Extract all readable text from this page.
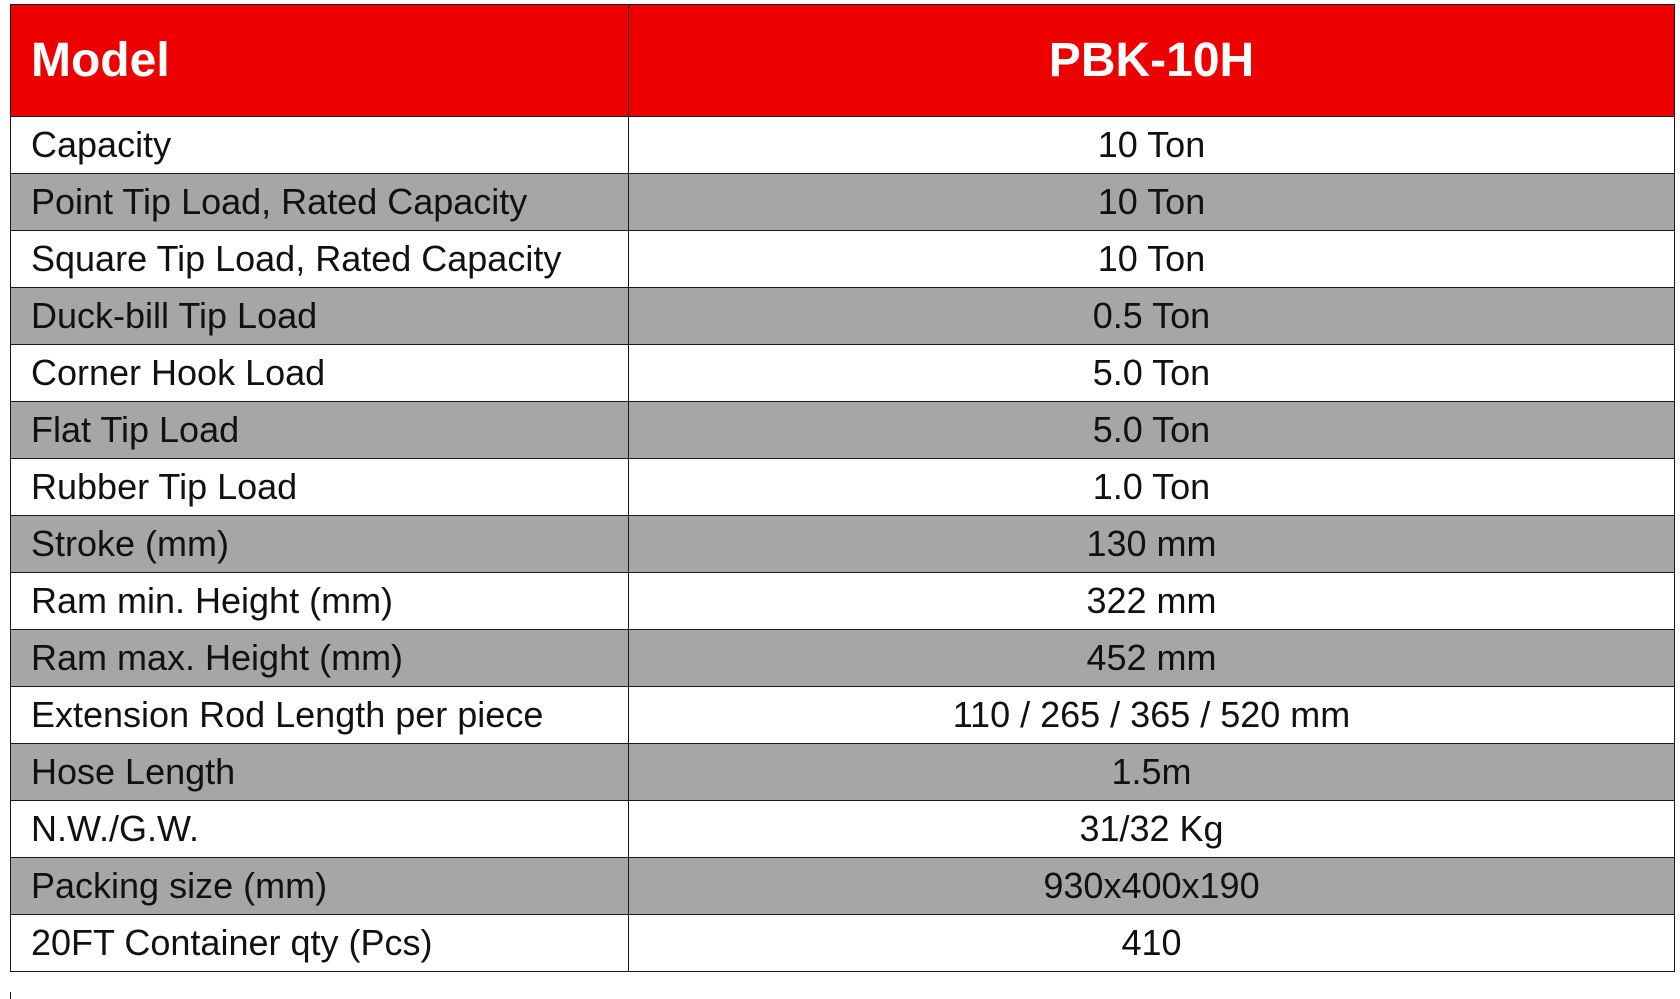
Model	PBK-10H
Capacity	10 Ton
Point Tip Load, Rated Capacity	10 Ton
Square Tip Load, Rated Capacity	10 Ton
Duck-bill Tip Load	0.5 Ton
Corner Hook Load	5.0 Ton
Flat Tip Load	5.0 Ton
Rubber Tip Load	1.0 Ton
Stroke (mm)	130 mm
Ram min. Height (mm)	322 mm
Ram max. Height (mm)	452 mm
Extension Rod Length per piece	110 / 265 / 365 / 520 mm
Hose Length	1.5m
N.W./G.W.	31/32 Kg
Packing size (mm)	930x400x190
20FT Container qty (Pcs)	410
